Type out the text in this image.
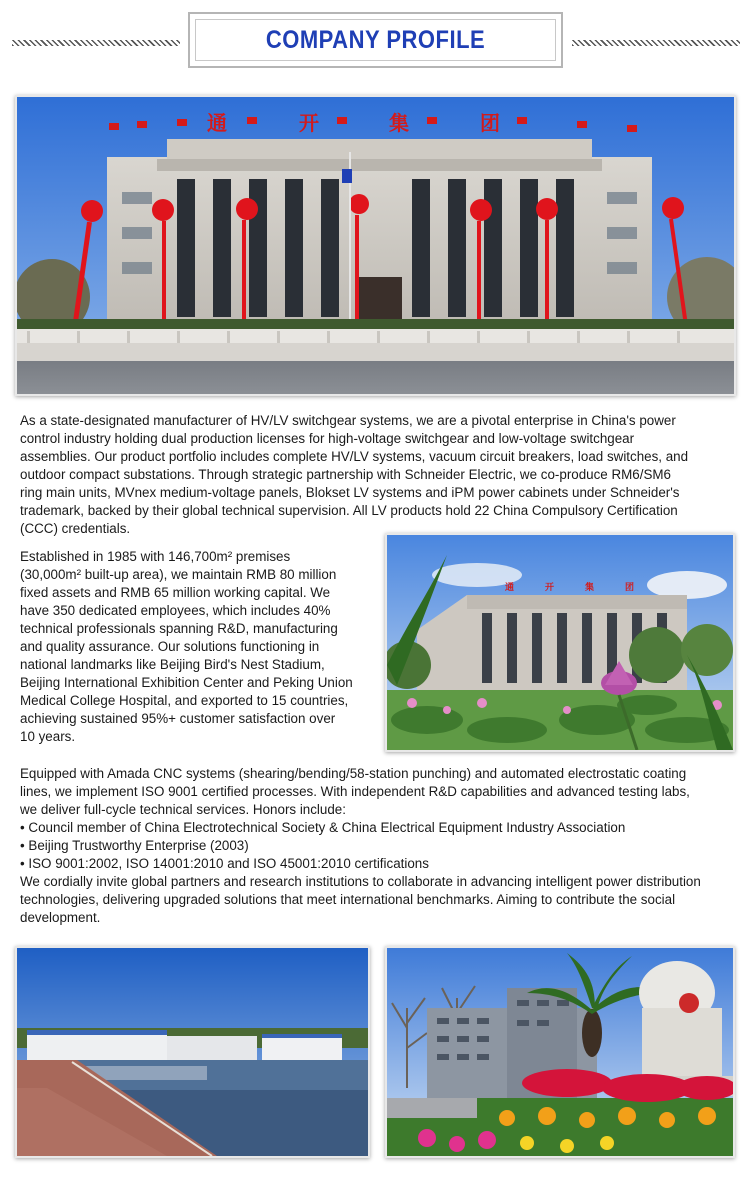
COMPANY PROFILE
通	开	集	团
As a state-designated manufacturer of HV/LV switchgear systems, we are a pivotal enterprise in China's power
control industry holding dual production licenses for high-voltage switchgear and low-voltage switchgear
assemblies. Our product portfolio includes complete HV/LV systems, vacuum circuit breakers, load switches, and
outdoor compact substations. Through strategic partnership with Schneider Electric, we co-produce RM6/SM6
ring main units, MVnex medium-voltage panels, Blokset LV systems and iPM power cabinets under Schneider's
trademark, backed by their global technical supervision. All LV products hold 22 China Compulsory Certification
(CCC) credentials.
Established in 1985 with 146,700m² premises
(30,000m² built-up area), we maintain RMB 80 million
fixed assets and RMB 65 million working capital. We
have 350 dedicated employees, which includes 40%
technical professionals spanning R&D, manufacturing
and quality assurance. Our solutions functioning in
national landmarks like Beijing Bird's Nest Stadium,
Beijing International Exhibition Center and Peking Union
Medical College Hospital, and exported to 15 countries,
achieving sustained 95%+ customer satisfaction over
10 years.
通	开	集	团
Equipped with Amada CNC systems (shearing/bending/58-station punching) and automated electrostatic coating
lines, we implement ISO 9001 certified processes. With independent R&D capabilities and advanced testing labs,
we deliver full-cycle technical services. Honors include:
• Council member of China Electrotechnical Society & China Electrical Equipment Industry Association
• Beijing Trustworthy Enterprise (2003)
• ISO 9001:2002, ISO 14001:2010 and ISO 45001:2010 certifications
We cordially invite global partners and research institutions to collaborate in advancing intelligent power distribution
technologies, delivering upgraded solutions that meet international benchmarks. Aiming to contribute the social
development.
